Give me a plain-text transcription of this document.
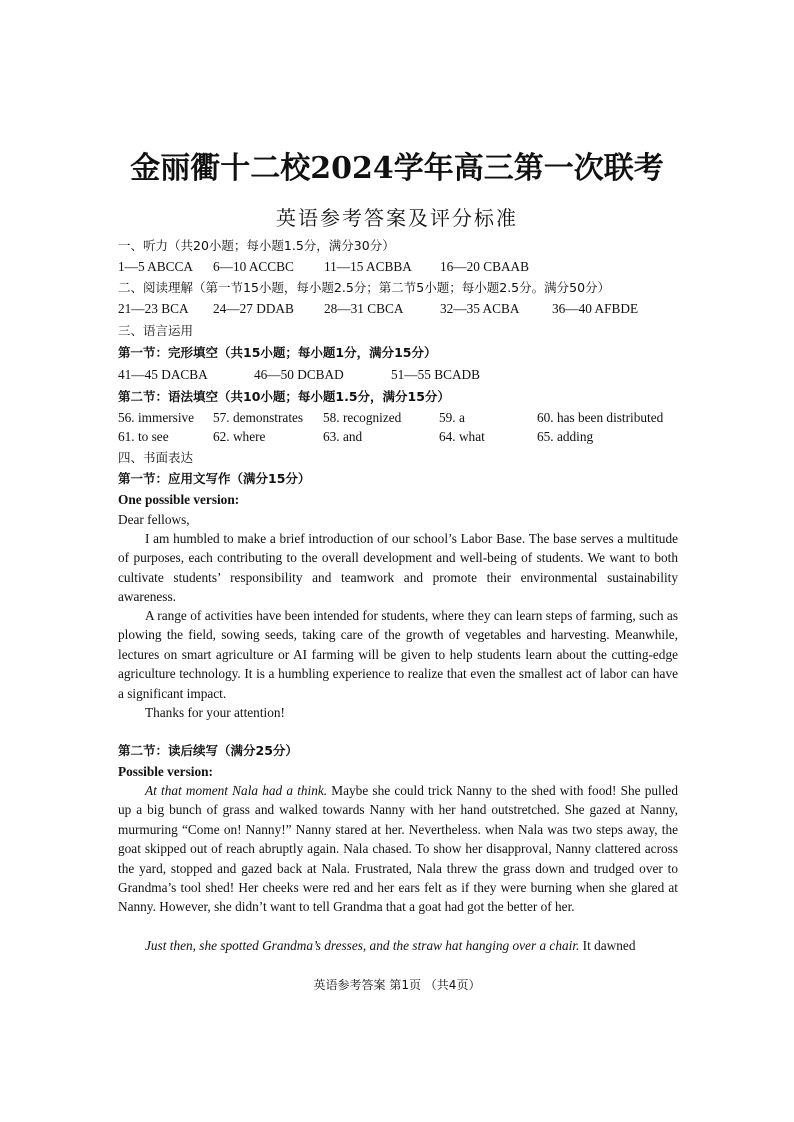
金丽衢十二校2024学年高三第一次联考
英语参考答案及评分标准
一、听力（共20小题；每小题1.5分，满分30分）
1—5 ABCCA 6—10 ACCBC 11—15 ACBBA 16—20 CBAAB
二、阅读理解（第一节15小题，每小题2.5分；第二节5小题；每小题2.5分。满分50分）
21—23 BCA 24—27 DDAB 28—31 CBCA	32—35 ACBA 36—40 AFBDE
三、语言运用
第一节：完形填空（共15小题；每小题1分，满分15分）
41—45 DACBA	46—50 DCBAD	51—55 BCADB
第二节：语法填空（共10小题；每小题1.5分，满分15分）
56. immersive 57. demonstrates 58. recognized	59. a	60. has been distributed
61. to see	62. where	63. and	64. what	65. adding
四、书面表达
第一节：应用文写作（满分15分）
One possible version:
Dear fellows,

I am humbled to make a brief introduction of our school’s Labor Base. The base serves a multitude of purposes, each contributing to the overall development and well-being of students. We want to both cultivate students’ responsibility and teamwork and promote their environmental sustainability awareness.

A range of activities have been intended for students, where they can learn steps of farming, such as plowing the field, sowing seeds, taking care of the growth of vegetables and harvesting. Meanwhile, lectures on smart agriculture or AI farming will be given to help students learn about the cutting-edge agriculture technology. It is a humbling experience to realize that even the smallest act of labor can have a significant impact.

Thanks for your attention!
第二节：读后续写（满分25分）
Possible version:

At that moment Nala had a think. Maybe she could trick Nanny to the shed with food! She pulled up a big bunch of grass and walked towards Nanny with her hand outstretched. She gazed at Nanny, murmuring “Come on! Nanny!” Nanny stared at her. Nevertheless. when Nala was two steps away, the goat skipped out of reach abruptly again. Nala chased. To show her disapproval, Nanny clattered across the yard, stopped and gazed back at Nala. Frustrated, Nala threw the grass down and trudged over to Grandma’s tool shed! Her cheeks were red and her ears felt as if they were burning when she glared at Nanny. However, she didn’t want to tell Grandma that a goat had got the better of her.

Just then, she spotted Grandma’s dresses, and the straw hat hanging over a chair. It dawned

英语参考答案 第1页 （共4页）
